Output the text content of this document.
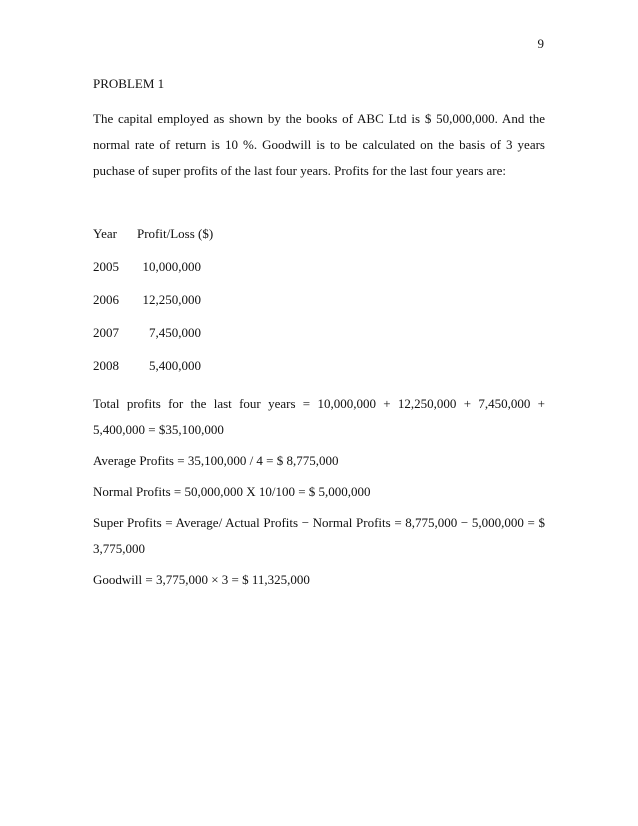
9
PROBLEM 1

The capital employed as shown by the books of ABC Ltd is $ 50,000,000. And the normal rate of return is 10 %. Goodwill is to be calculated on the basis of 3 years puchase of super profits of the last four years. Profits for the last four years are:

Year	Profit/Loss ($)
2005	10,000,000
2006	12,250,000
2007	7,450,000
2008	5,400,000

Total profits for the last four years = 10,000,000 + 12,250,000 + 7,450,000 + 5,400,000 = $35,100,000

Average Profits = 35,100,000 / 4 = $ 8,775,000

Normal Profits = 50,000,000 X 10/100 = $ 5,000,000

Super Profits = Average/ Actual Profits − Normal Profits = 8,775,000 − 5,000,000 = $ 3,775,000

Goodwill = 3,775,000 × 3 = $ 11,325,000
